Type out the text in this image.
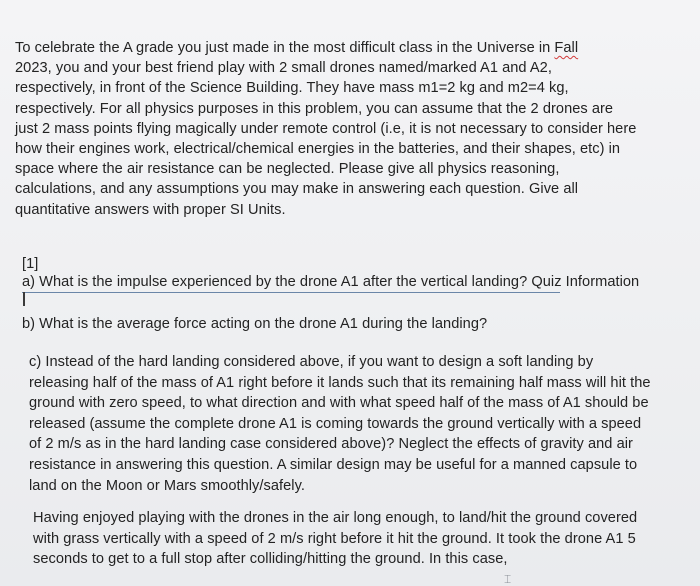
To celebrate the A grade you just made in the most difficult class in the Universe in Fall
2023, you and your best friend play with 2 small drones named/marked A1 and A2,
respectively, in front of the Science Building. They have mass m1=2 kg and m2=4 kg,
respectively. For all physics purposes in this problem, you can assume that the 2 drones are
just 2 mass points flying magically under remote control (i.e, it is not necessary to consider here
how their engines work, electrical/chemical energies in the batteries, and their shapes, etc) in
space where the air resistance can be neglected. Please give all physics reasoning,
calculations, and any assumptions you may make in answering each question. Give all
quantitative answers with proper SI Units.

[1]

a) What is the impulse experienced by the drone A1 after the vertical landing? Quiz Information

b) What is the average force acting on the drone A1 during the landing?

c) Instead of the hard landing considered above, if you want to design a soft landing by
releasing half of the mass of A1 right before it lands such that its remaining half mass will hit the
ground with zero speed, to what direction and with what speed half of the mass of A1 should be
released (assume the complete drone A1 is coming towards the ground vertically with a speed
of 2 m/s as in the hard landing case considered above)? Neglect the effects of gravity and air
resistance in answering this question. A similar design may be useful for a manned capsule to
land on the Moon or Mars smoothly/safely.

Having enjoyed playing with the drones in the air long enough, to land/hit the ground covered
with grass vertically with a speed of 2 m/s right before it hit the ground. It took the drone A1 5
seconds to get to a full stop after colliding/hitting the ground. In this case,

⌶
